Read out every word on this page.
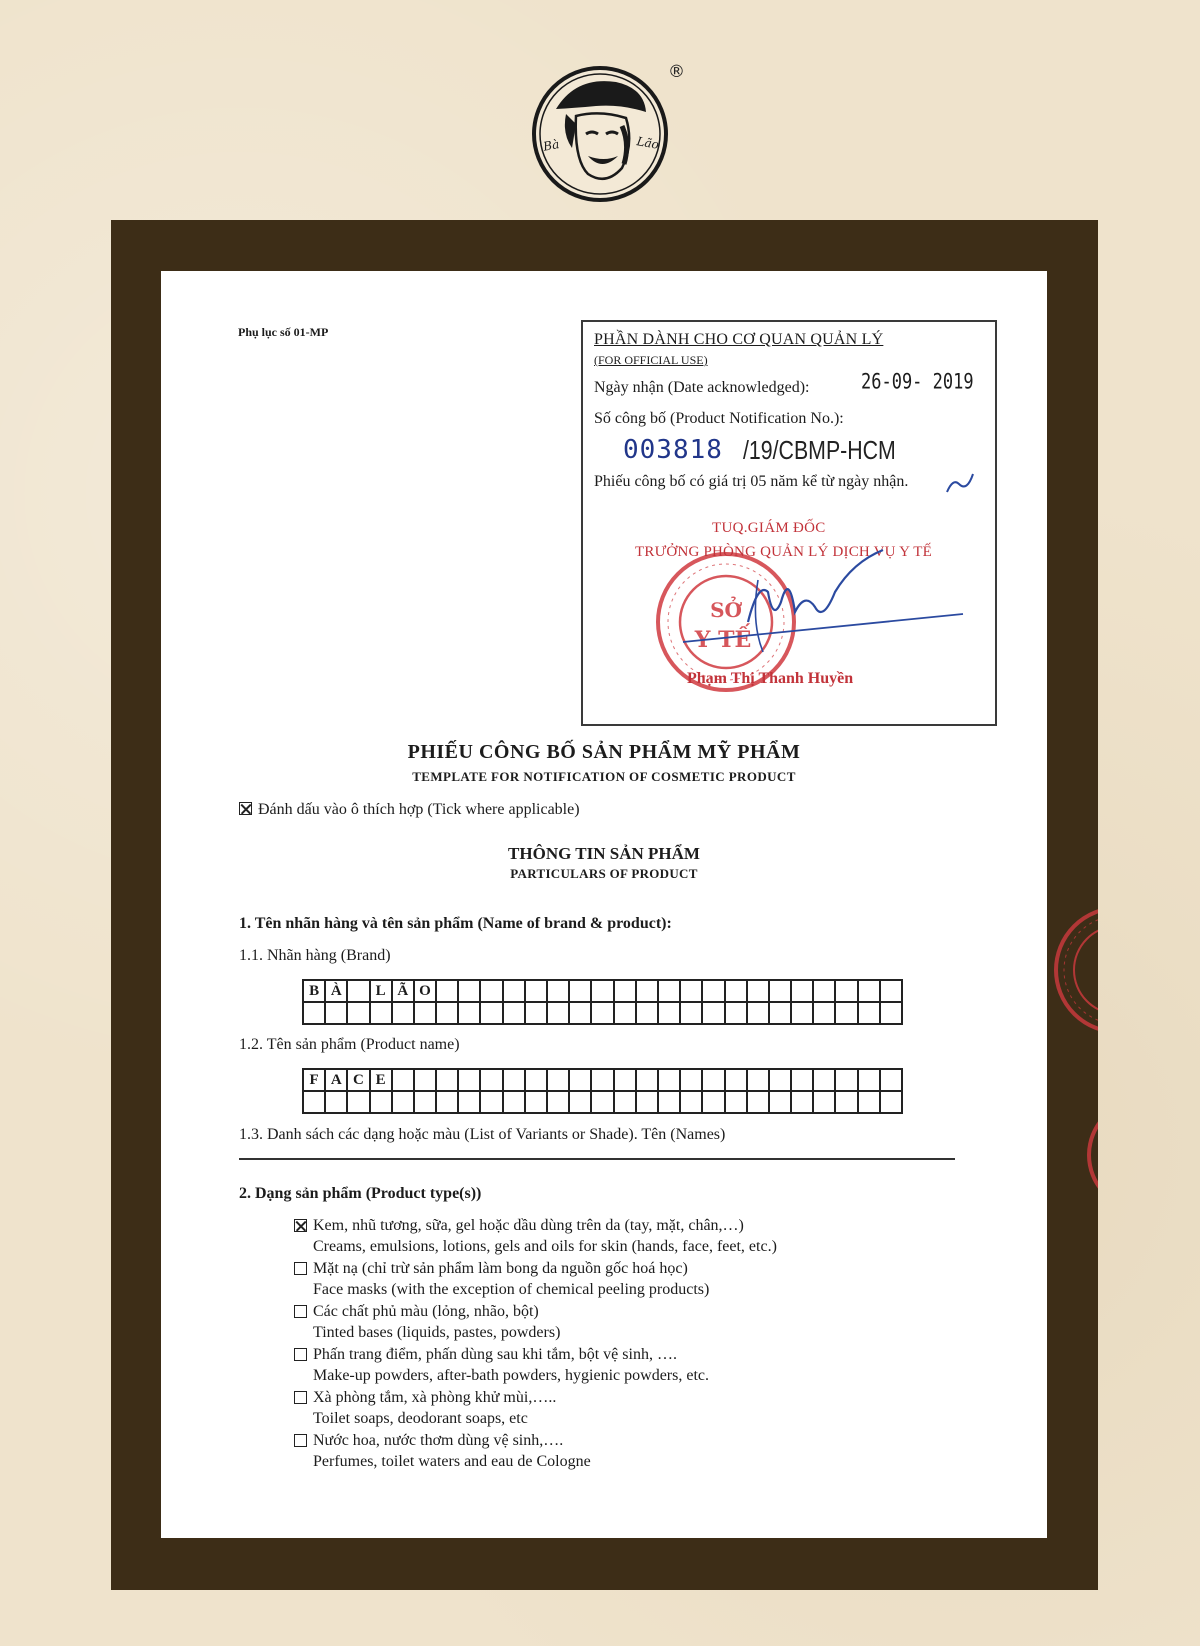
Bà	Lão
®
Phụ lục số 01-MP	PHẦN DÀNH CHO CƠ QUAN QUẢN LÝ
(FOR OFFICIAL USE)
Ngày nhận (Date acknowledged):	26-09- 2019
Số công bố (Product Notification No.):
003818 /19/CBMP-HCM
Phiếu công bố có giá trị 05 năm kể từ ngày nhận.
SỞ
Y TẾ
TUQ.GIÁM ĐỐC
TRƯỞNG PHÒNG QUẢN LÝ DỊCH VỤ Y TẾ
Phạm Thị Thanh Huyền
PHIẾU CÔNG BỐ SẢN PHẨM MỸ PHẨM
TEMPLATE FOR NOTIFICATION OF COSMETIC PRODUCT
Đánh dấu vào ô thích hợp (Tick where applicable)
THÔNG TIN SẢN PHẨM
PARTICULARS OF PRODUCT
1. Tên nhãn hàng và tên sản phẩm (Name of brand & product):
1.1. Nhãn hàng (Brand)
B À	L Ã O
1.2. Tên sản phẩm (Product name)
F A C E
1.3. Danh sách các dạng hoặc màu (List of Variants or Shade). Tên (Names)
2. Dạng sản phẩm (Product type(s))
Kem, nhũ tương, sữa, gel hoặc dầu dùng trên da (tay, mặt, chân,…)
Creams, emulsions, lotions, gels and oils for skin (hands, face, feet, etc.)
Mặt nạ (chỉ trừ sản phẩm làm bong da nguồn gốc hoá học)
Face masks (with the exception of chemical peeling products)
Các chất phủ màu (lỏng, nhão, bột)
Tinted bases (liquids, pastes, powders)
Phấn trang điểm, phấn dùng sau khi tắm, bột vệ sinh, ….
Make-up powders, after-bath powders, hygienic powders, etc.
Xà phòng tắm, xà phòng khử mùi,…..
Toilet soaps, deodorant soaps, etc
Nước hoa, nước thơm dùng vệ sinh,….
Perfumes, toilet waters and eau de Cologne
